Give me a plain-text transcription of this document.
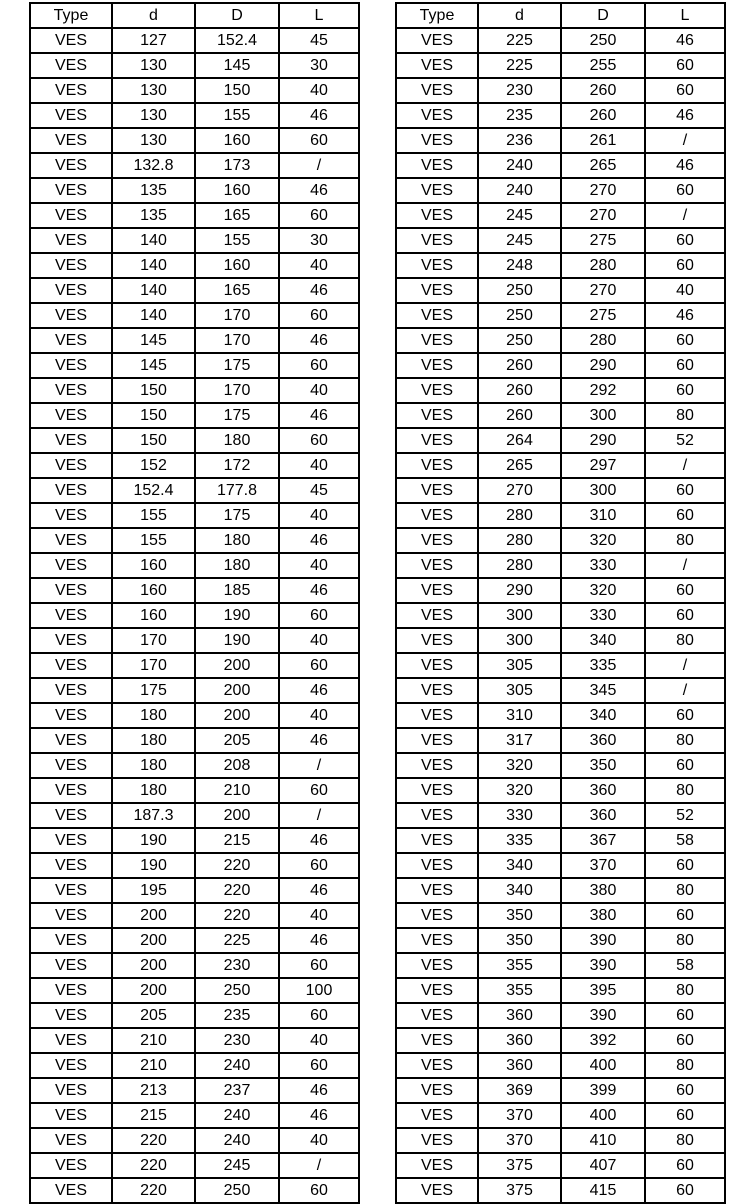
Type	d	D	L
VES	127	152.4	45
VES	130	145	30
VES	130	150	40
VES	130	155	46
VES	130	160	60
VES	132.8	173	/
VES	135	160	46
VES	135	165	60
VES	140	155	30
VES	140	160	40
VES	140	165	46
VES	140	170	60
VES	145	170	46
VES	145	175	60
VES	150	170	40
VES	150	175	46
VES	150	180	60
VES	152	172	40
VES	152.4	177.8	45
VES	155	175	40
VES	155	180	46
VES	160	180	40
VES	160	185	46
VES	160	190	60
VES	170	190	40
VES	170	200	60
VES	175	200	46
VES	180	200	40
VES	180	205	46
VES	180	208	/
VES	180	210	60
VES	187.3	200	/
VES	190	215	46
VES	190	220	60
VES	195	220	46
VES	200	220	40
VES	200	225	46
VES	200	230	60
VES	200	250	100
VES	205	235	60
VES	210	230	40
VES	210	240	60
VES	213	237	46
VES	215	240	46
VES	220	240	40
VES	220	245	/
VES	220	250	60
Type	d	D	L
VES	225	250	46
VES	225	255	60
VES	230	260	60
VES	235	260	46
VES	236	261	/
VES	240	265	46
VES	240	270	60
VES	245	270	/
VES	245	275	60
VES	248	280	60
VES	250	270	40
VES	250	275	46
VES	250	280	60
VES	260	290	60
VES	260	292	60
VES	260	300	80
VES	264	290	52
VES	265	297	/
VES	270	300	60
VES	280	310	60
VES	280	320	80
VES	280	330	/
VES	290	320	60
VES	300	330	60
VES	300	340	80
VES	305	335	/
VES	305	345	/
VES	310	340	60
VES	317	360	80
VES	320	350	60
VES	320	360	80
VES	330	360	52
VES	335	367	58
VES	340	370	60
VES	340	380	80
VES	350	380	60
VES	350	390	80
VES	355	390	58
VES	355	395	80
VES	360	390	60
VES	360	392	60
VES	360	400	80
VES	369	399	60
VES	370	400	60
VES	370	410	80
VES	375	407	60
VES	375	415	60
